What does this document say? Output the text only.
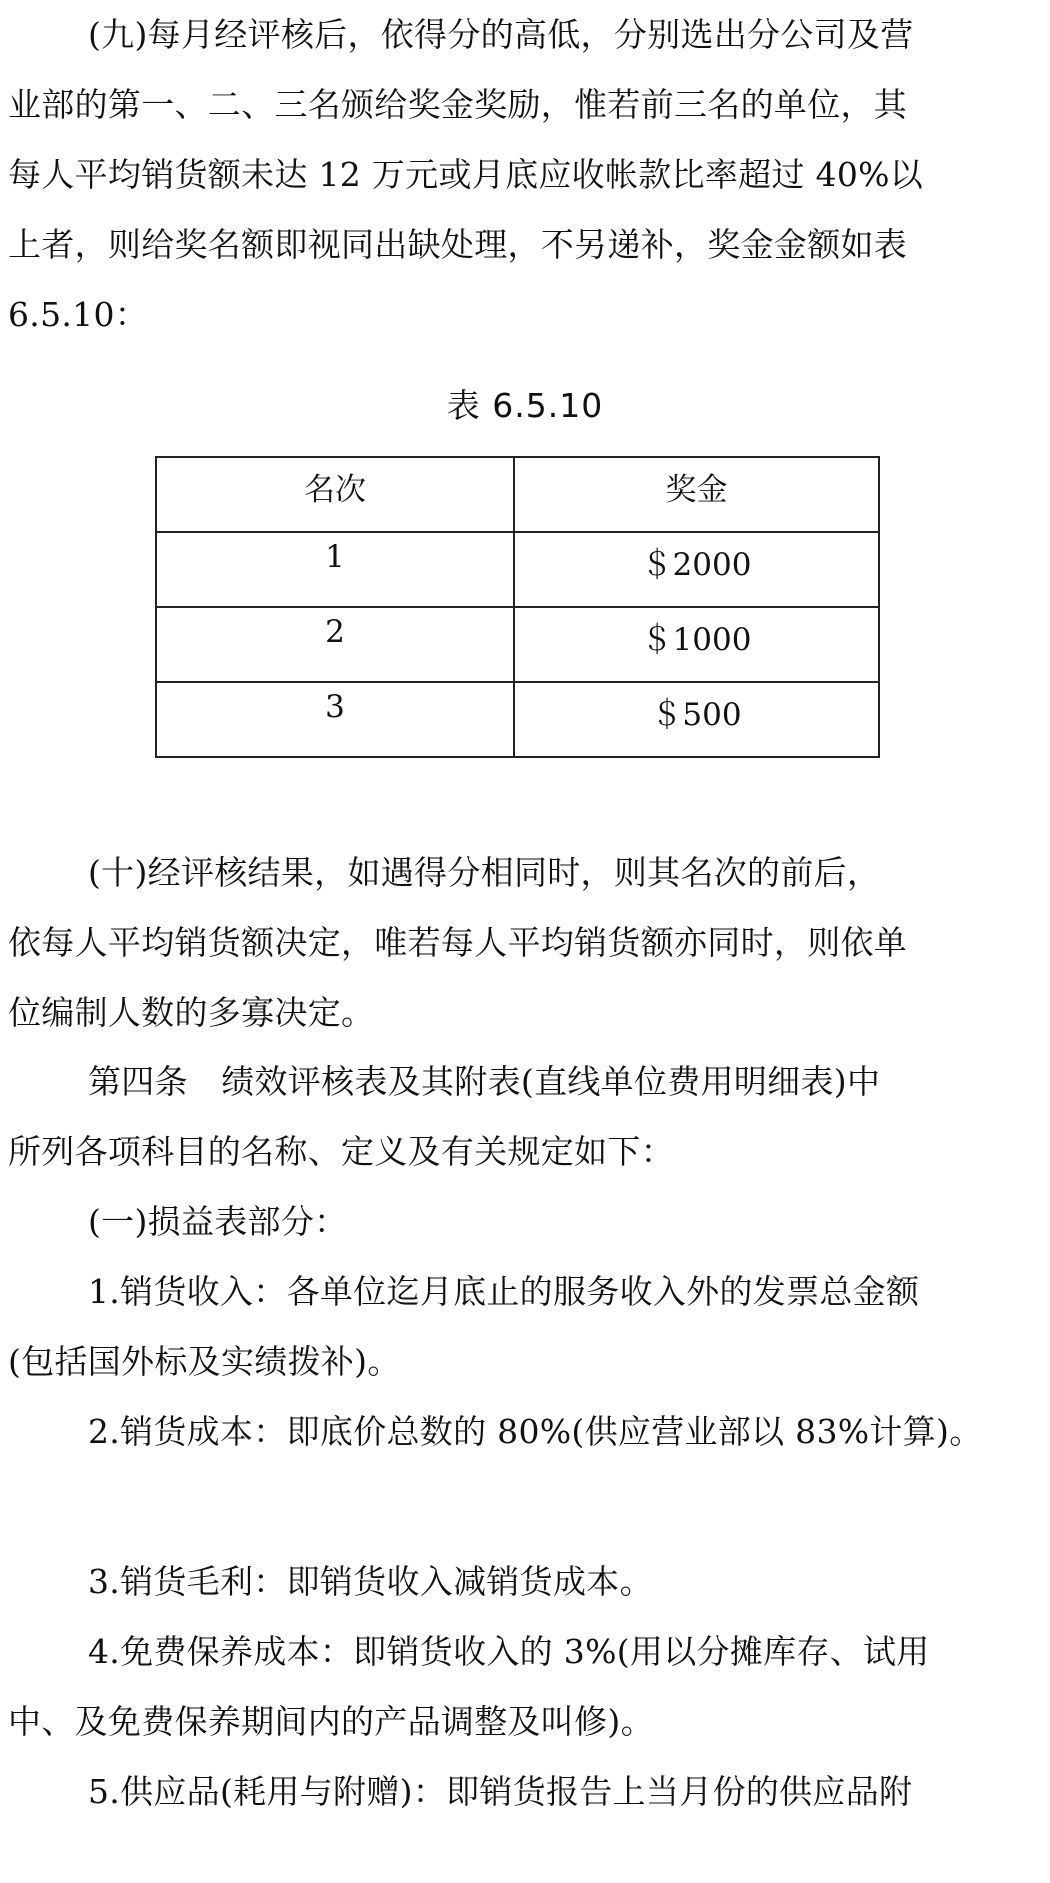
(九)每月经评核后，依得分的高低，分别选出分公司及营
业部的第一、二、三名颁给奖金奖励，惟若前三名的单位，其
每人平均销货额未达 12 万元或月底应收帐款比率超过 40%以
上者，则给奖名额即视同出缺处理，不另递补，奖金金额如表
6.5.10：
表 6.5.10
名次	奖金
1	＄2000
2	＄1000
3	＄500
(十)经评核结果，如遇得分相同时，则其名次的前后，
依每人平均销货额决定，唯若每人平均销货额亦同时，则依单
位编制人数的多寡决定。
第四条　绩效评核表及其附表(直线单位费用明细表)中
所列各项科目的名称、定义及有关规定如下：
(一)损益表部分：
1.销货收入：各单位迄月底止的服务收入外的发票总金额
(包括国外标及实绩拨补)。
2.销货成本：即底价总数的 80%(供应营业部以 83%计算)。
3.销货毛利：即销货收入减销货成本。
4.免费保养成本：即销货收入的 3%(用以分摊库存、试用
中、及免费保养期间内的产品调整及叫修)。
5.供应品(耗用与附赠)：即销货报告上当月份的供应品附
